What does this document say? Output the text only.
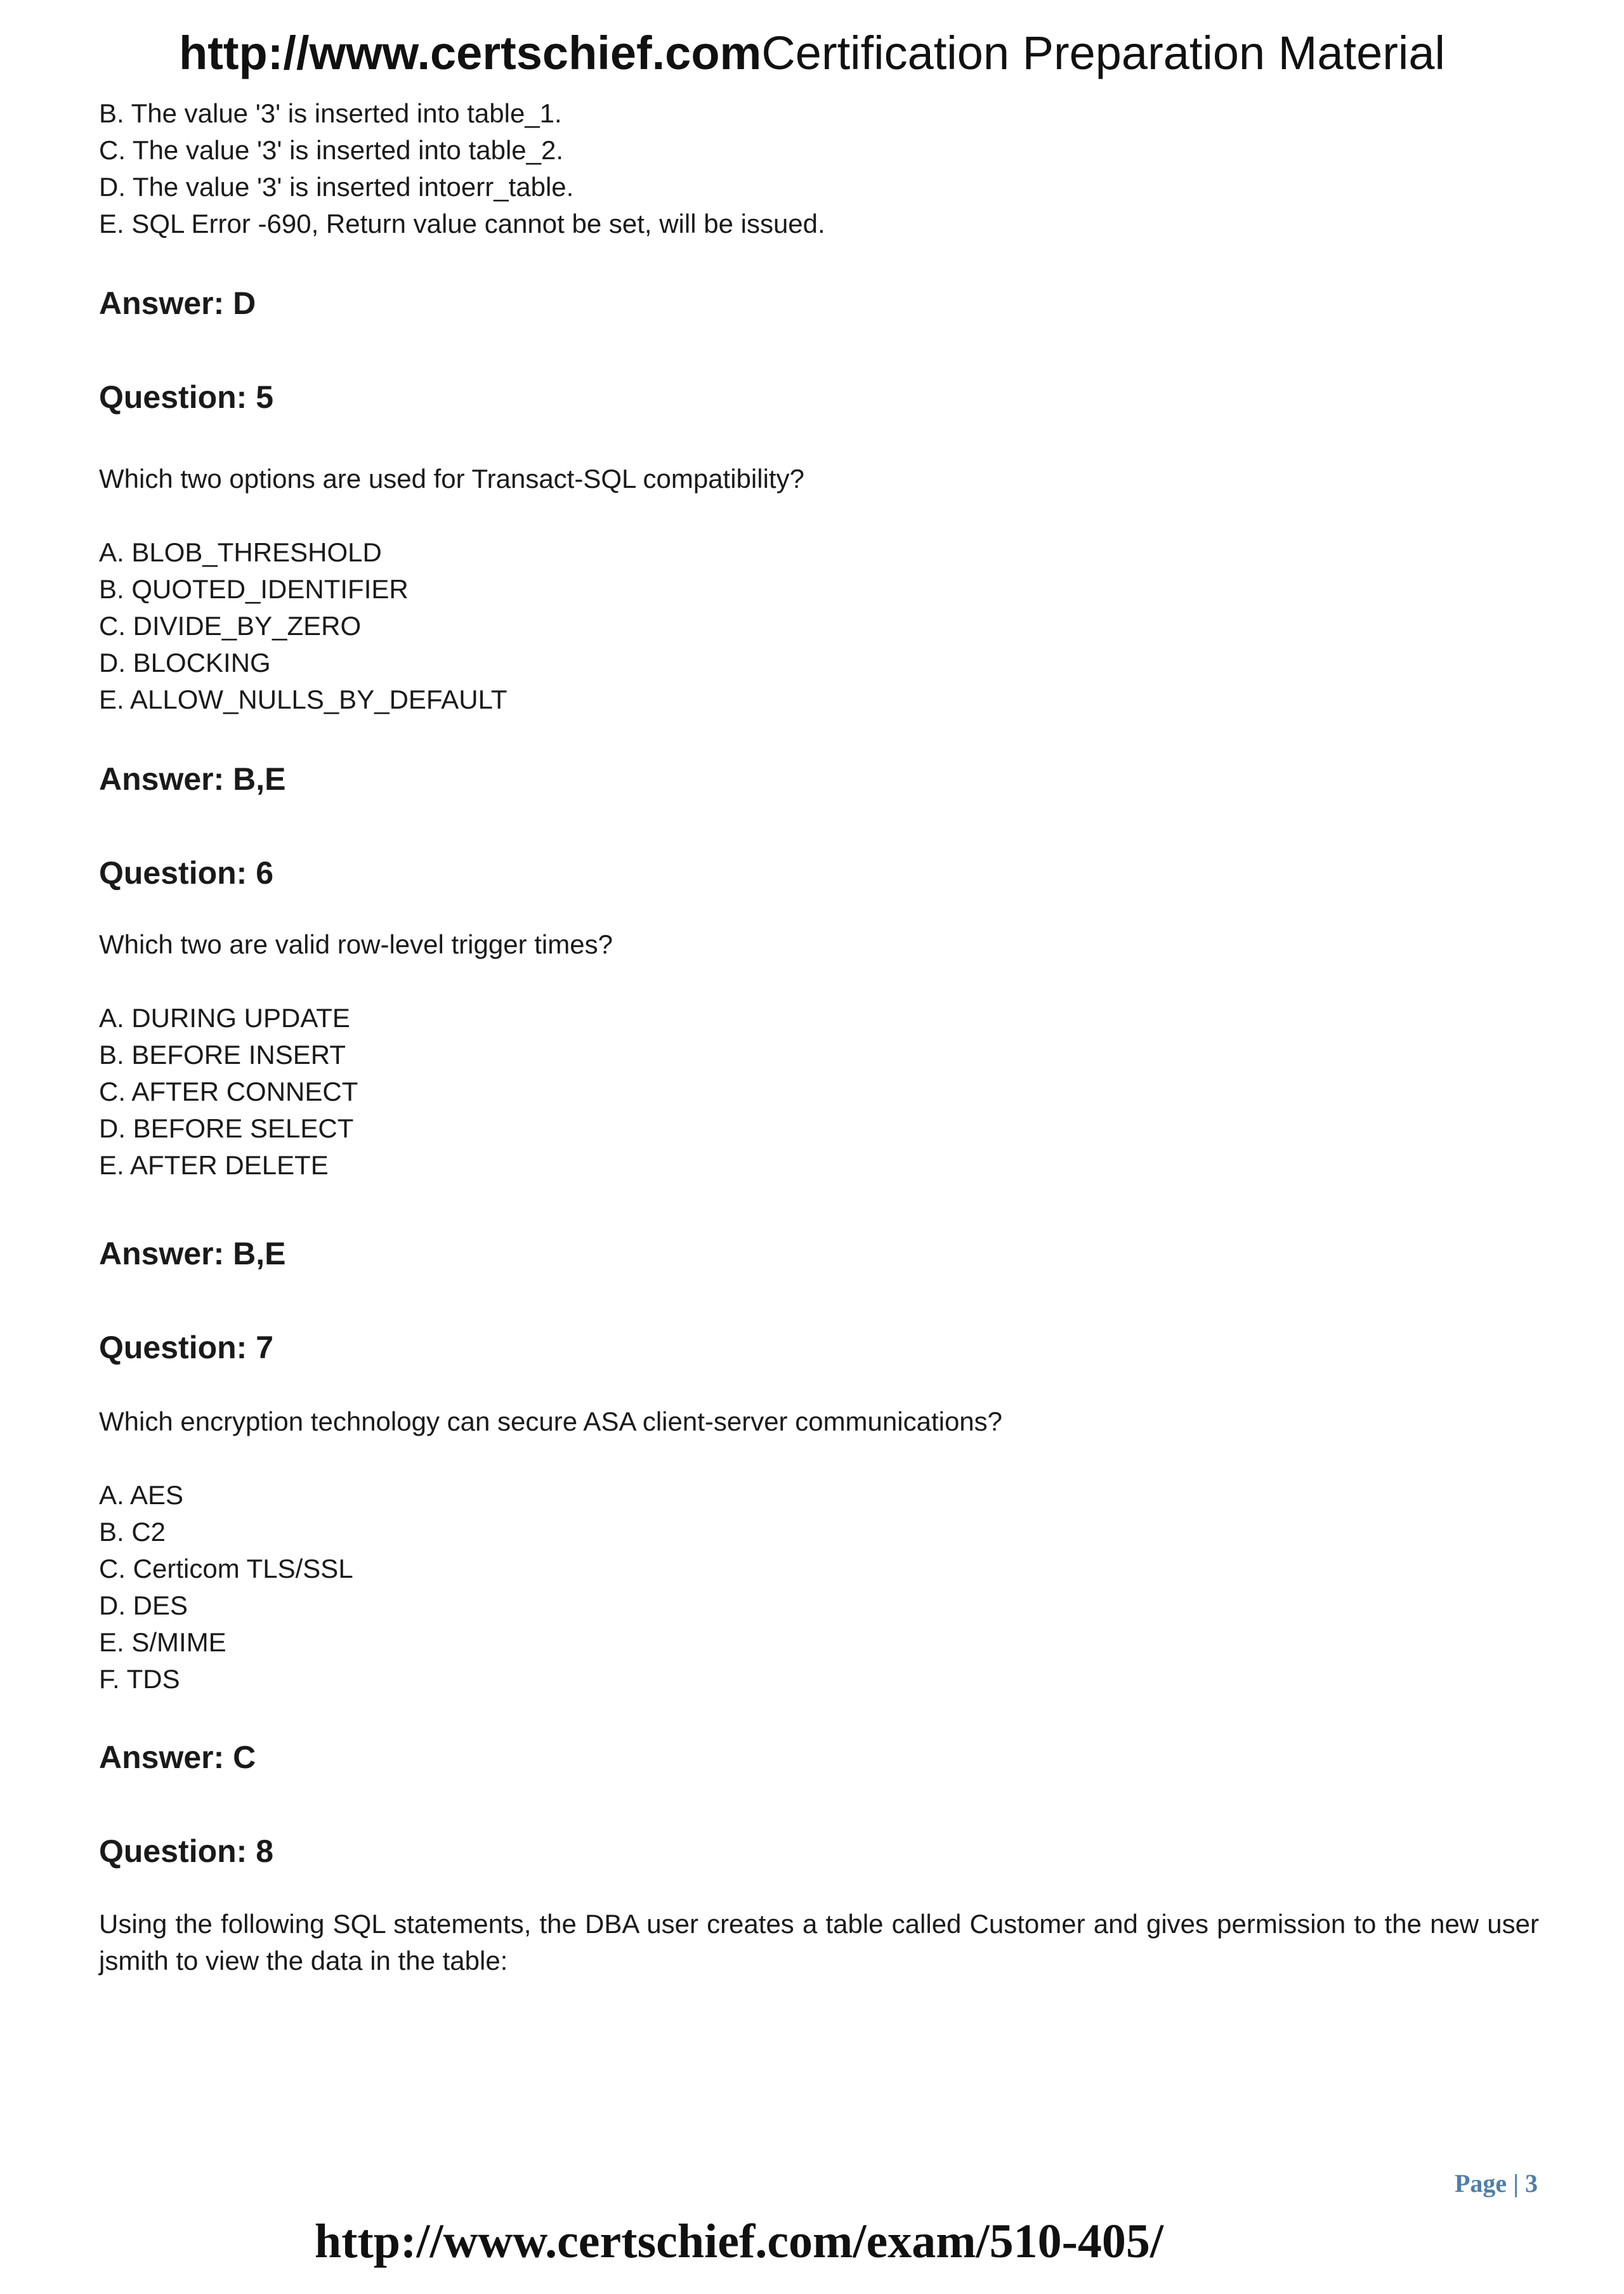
http://www.certschief.comCertification Preparation Material

B. The value '3' is inserted into table_1.

C. The value '3' is inserted into table_2.

D. The value '3' is inserted intoerr_table.

E. SQL Error -690, Return value cannot be set, will be issued.

Answer: D

Question: 5

Which two options are used for Transact-SQL compatibility?

A. BLOB_THRESHOLD

B. QUOTED_IDENTIFIER

C. DIVIDE_BY_ZERO

D. BLOCKING

E. ALLOW_NULLS_BY_DEFAULT

Answer: B,E

Question: 6

Which two are valid row-level trigger times?

A. DURING UPDATE

B. BEFORE INSERT

C. AFTER CONNECT

D. BEFORE SELECT

E. AFTER DELETE

Answer: B,E

Question: 7

Which encryption technology can secure ASA client-server communications?

A. AES

B. C2

C. Certicom TLS/SSL

D. DES

E. S/MIME

F. TDS

Answer: C

Question: 8

Using the following SQL statements, the DBA user creates a table called Customer and gives permission to the new user jsmith to view the data in the table:

Page | 3
http://www.certschief.com/exam/510-405/
